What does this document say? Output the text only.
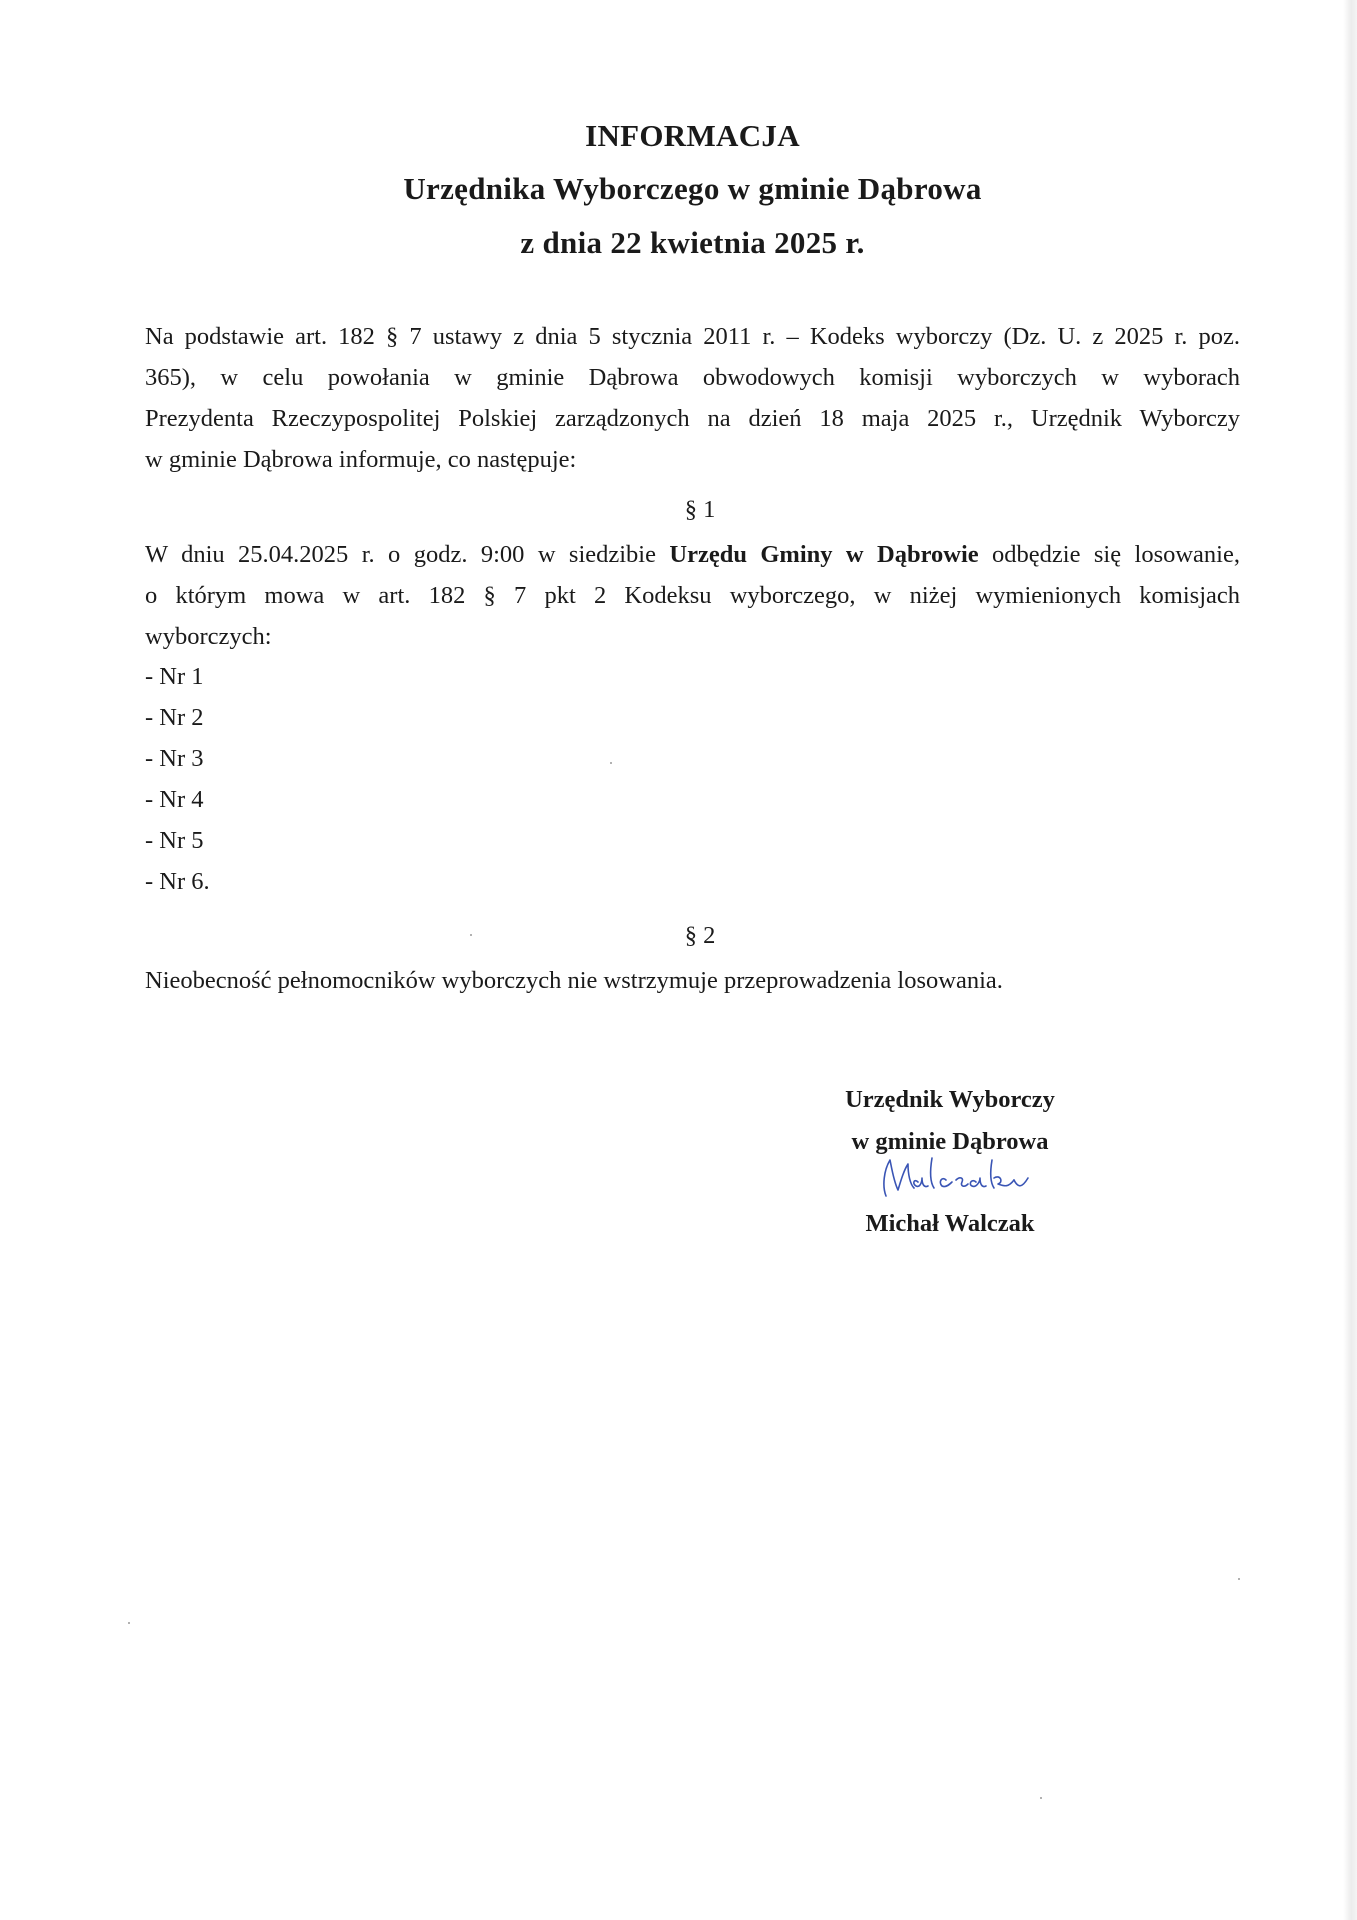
INFORMACJA
Urzędnika Wyborczego w gminie Dąbrowa
z dnia 22 kwietnia 2025 r.
Na podstawie art. 182 § 7 ustawy z dnia 5 stycznia 2011 r. – Kodeks wyborczy (Dz. U. z 2025 r. poz.
365), w celu powołania w gminie Dąbrowa obwodowych komisji wyborczych w wyborach
Prezydenta Rzeczypospolitej Polskiej zarządzonych na dzień 18 maja 2025 r., Urzędnik Wyborczy
w gminie Dąbrowa informuje, co następuje:
§ 1
W dniu 25.04.2025 r. o godz. 9:00 w siedzibie Urzędu Gminy w Dąbrowie odbędzie się losowanie,
o którym mowa w art. 182 § 7 pkt 2 Kodeksu wyborczego, w niżej wymienionych komisjach
wyborczych:
- Nr 1
- Nr 2
- Nr 3
- Nr 4
- Nr 5
- Nr 6.
§ 2
Nieobecność pełnomocników wyborczych nie wstrzymuje przeprowadzenia losowania.
Urzędnik Wyborczy
w gminie Dąbrowa
Michał Walczak
